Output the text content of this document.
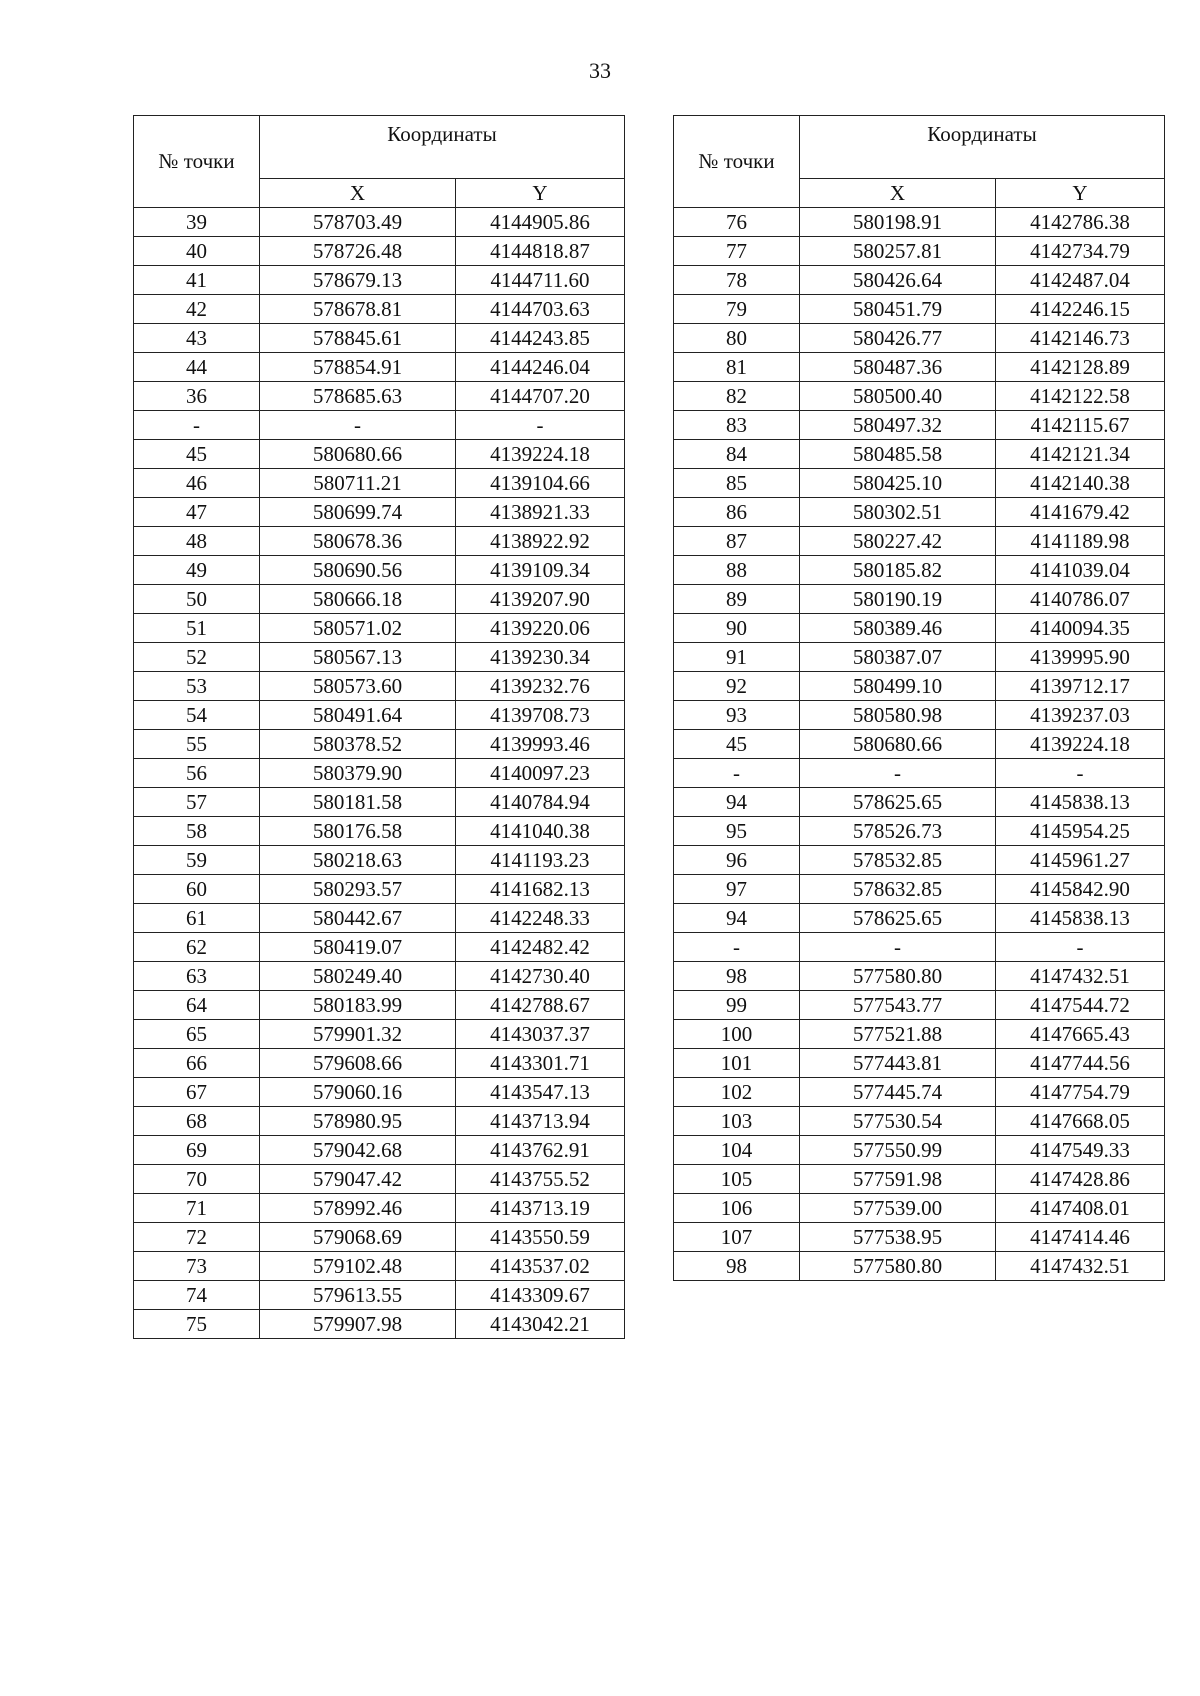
33
№ точки	Координаты	
	X	Y
39	578703.49	4144905.86
40	578726.48	4144818.87
41	578679.13	4144711.60
42	578678.81	4144703.63
43	578845.61	4144243.85
44	578854.91	4144246.04
36	578685.63	4144707.20
-	-	-
45	580680.66	4139224.18
46	580711.21	4139104.66
47	580699.74	4138921.33
48	580678.36	4138922.92
49	580690.56	4139109.34
50	580666.18	4139207.90
51	580571.02	4139220.06
52	580567.13	4139230.34
53	580573.60	4139232.76
54	580491.64	4139708.73
55	580378.52	4139993.46
56	580379.90	4140097.23
57	580181.58	4140784.94
58	580176.58	4141040.38
59	580218.63	4141193.23
60	580293.57	4141682.13
61	580442.67	4142248.33
62	580419.07	4142482.42
63	580249.40	4142730.40
64	580183.99	4142788.67
65	579901.32	4143037.37
66	579608.66	4143301.71
67	579060.16	4143547.13
68	578980.95	4143713.94
69	579042.68	4143762.91
70	579047.42	4143755.52
71	578992.46	4143713.19
72	579068.69	4143550.59
73	579102.48	4143537.02
74	579613.55	4143309.67
75	579907.98	4143042.21
№ точки	Координаты	
	X	Y
76	580198.91	4142786.38
77	580257.81	4142734.79
78	580426.64	4142487.04
79	580451.79	4142246.15
80	580426.77	4142146.73
81	580487.36	4142128.89
82	580500.40	4142122.58
83	580497.32	4142115.67
84	580485.58	4142121.34
85	580425.10	4142140.38
86	580302.51	4141679.42
87	580227.42	4141189.98
88	580185.82	4141039.04
89	580190.19	4140786.07
90	580389.46	4140094.35
91	580387.07	4139995.90
92	580499.10	4139712.17
93	580580.98	4139237.03
45	580680.66	4139224.18
-	-	-
94	578625.65	4145838.13
95	578526.73	4145954.25
96	578532.85	4145961.27
97	578632.85	4145842.90
94	578625.65	4145838.13
-	-	-
98	577580.80	4147432.51
99	577543.77	4147544.72
100	577521.88	4147665.43
101	577443.81	4147744.56
102	577445.74	4147754.79
103	577530.54	4147668.05
104	577550.99	4147549.33
105	577591.98	4147428.86
106	577539.00	4147408.01
107	577538.95	4147414.46
98	577580.80	4147432.51
